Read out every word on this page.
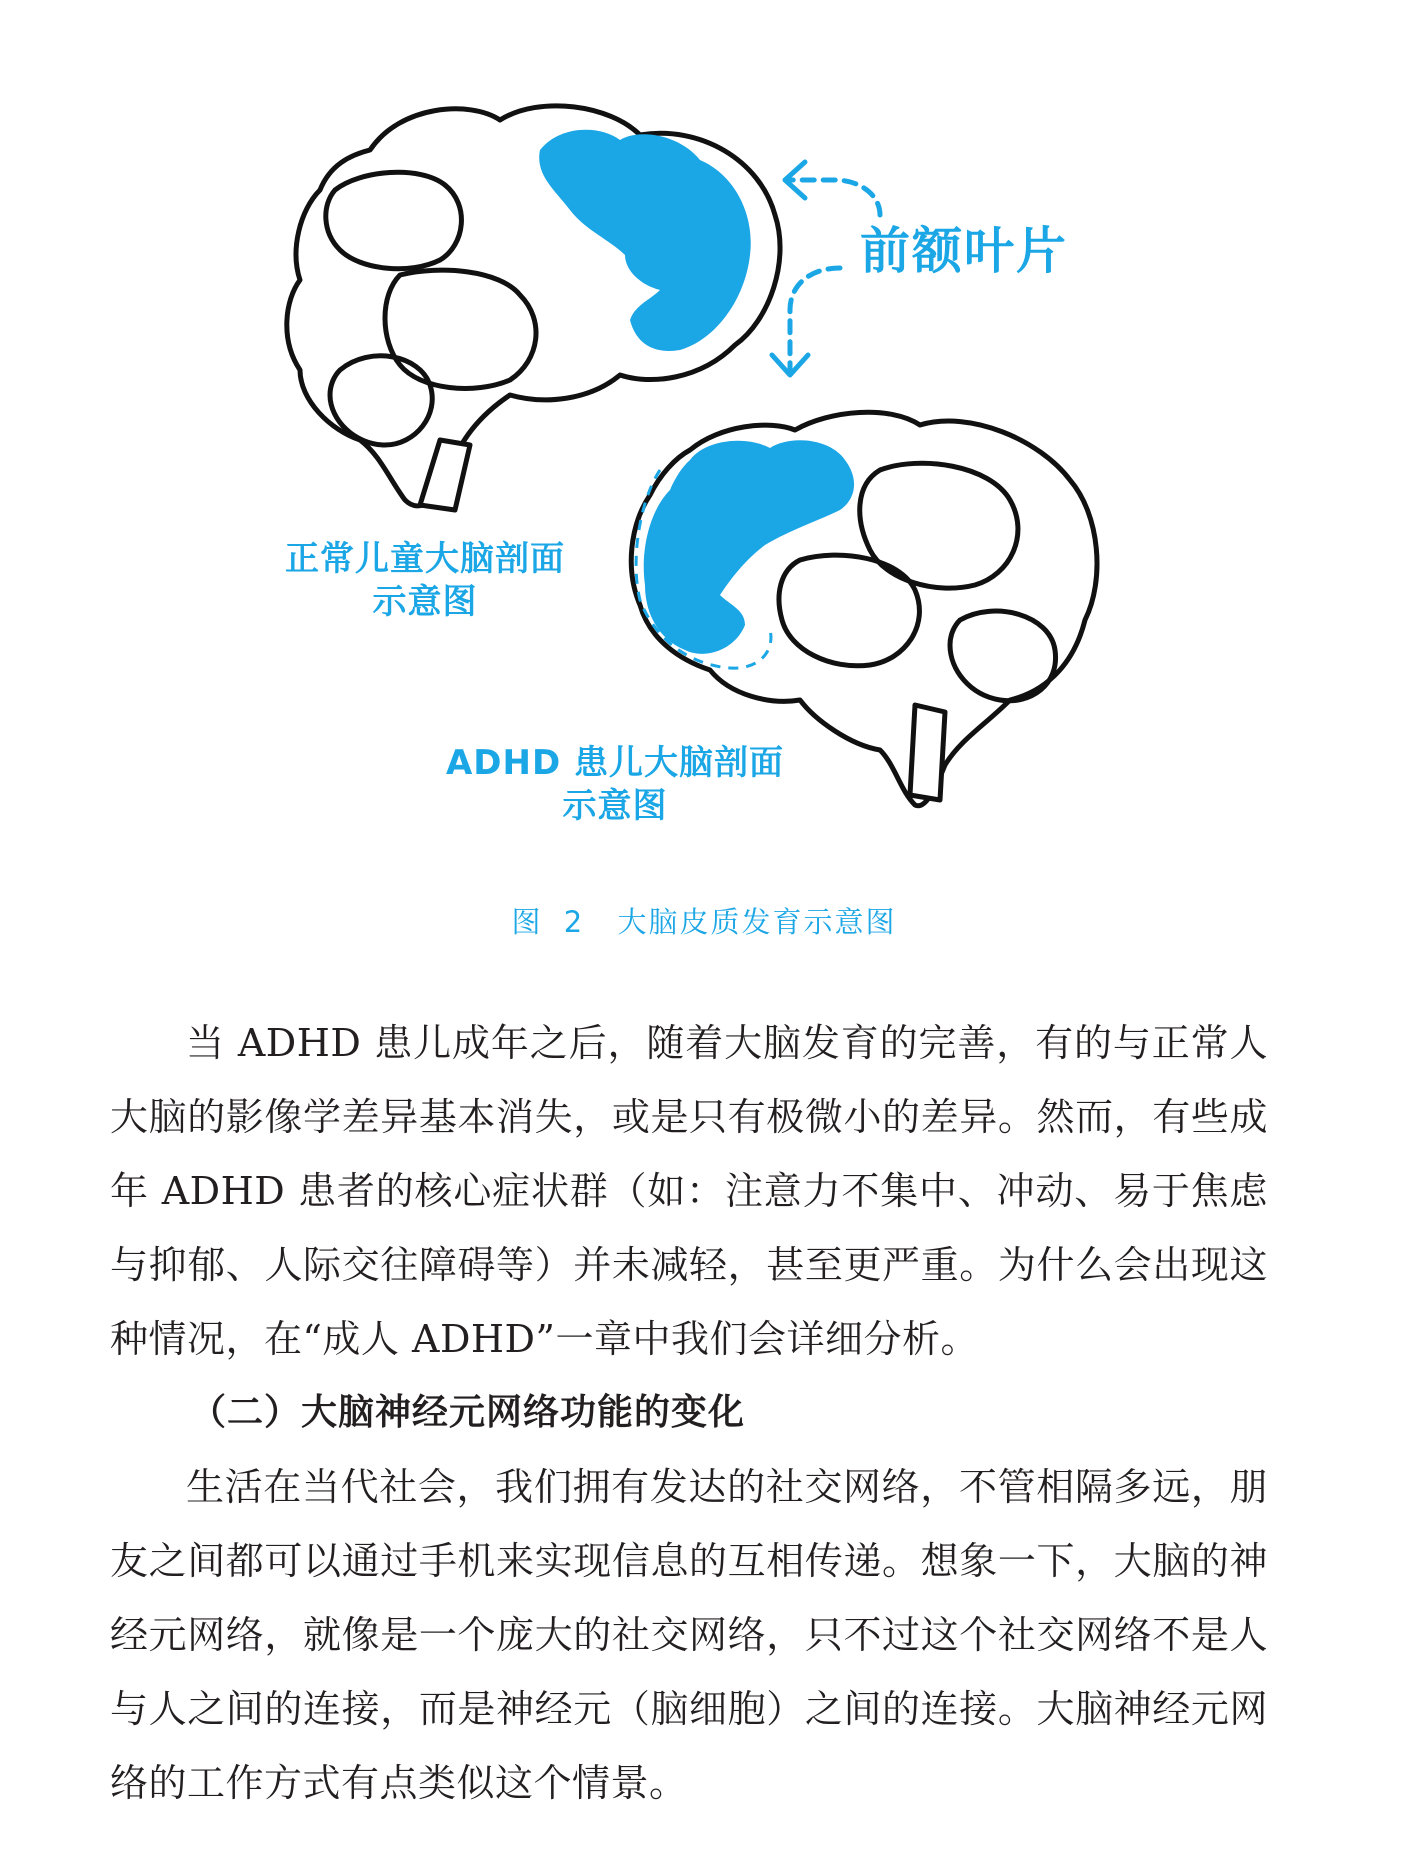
前额叶片
正常儿童大脑剖面
示意图
ADHD 患儿大脑剖面
示意图
图 2 大脑皮质发育示意图

当 ADHD 患儿成年之后，随着大脑发育的完善，有的与正常人大脑的影像学差异基本消失，或是只有极微小的差异。然而，有些成年 ADHD 患者的核心症状群（如：注意力不集中、冲动、易于焦虑与抑郁、人际交往障碍等）并未减轻，甚至更严重。为什么会出现这种情况，在“成人 ADHD”一章中我们会详细分析。

（二）大脑神经元网络功能的变化

生活在当代社会，我们拥有发达的社交网络，不管相隔多远，朋友之间都可以通过手机来实现信息的互相传递。想象一下，大脑的神经元网络，就像是一个庞大的社交网络，只不过这个社交网络不是人与人之间的连接，而是神经元（脑细胞）之间的连接。大脑神经元网络的工作方式有点类似这个情景。
